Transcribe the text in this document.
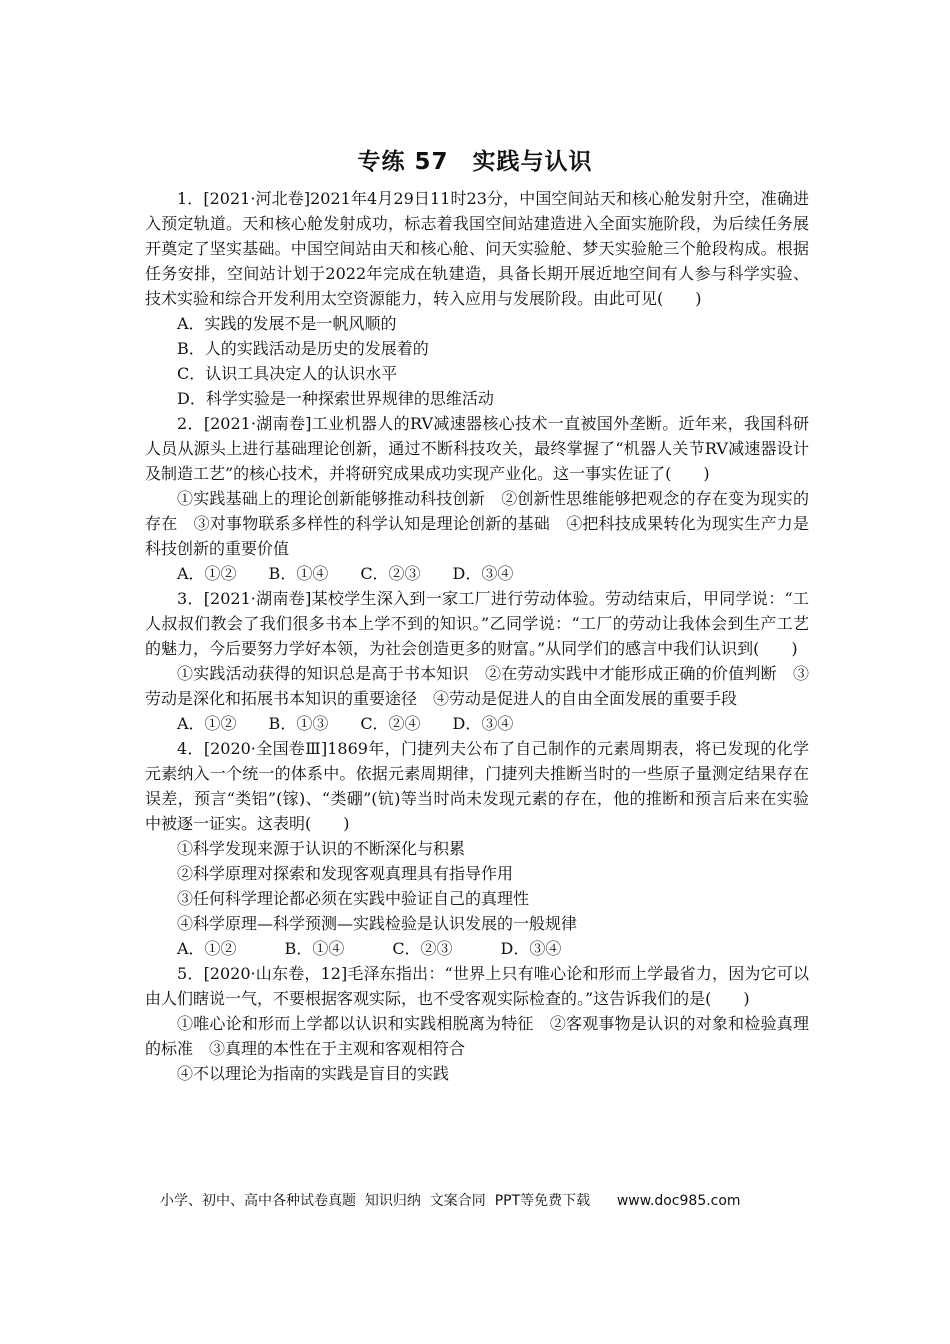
专练 57　实践与认识

1．[2021·河北卷]2021年4月29日11时23分，中国空间站天和核心舱发射升空，准确进入预定轨道。天和核心舱发射成功，标志着我国空间站建造进入全面实施阶段，为后续任务展开奠定了坚实基础。中国空间站由天和核心舱、问天实验舱、梦天实验舱三个舱段构成。根据任务安排，空间站计划于2022年完成在轨建造，具备长期开展近地空间有人参与科学实验、技术实验和综合开发利用太空资源能力，转入应用与发展阶段。由此可见(　　)

A．实践的发展不是一帆风顺的

B．人的实践活动是历史的发展着的

C．认识工具决定人的认识水平

D．科学实验是一种探索世界规律的思维活动

2．[2021·湖南卷]工业机器人的RV减速器核心技术一直被国外垄断。近年来，我国科研人员从源头上进行基础理论创新，通过不断科技攻关，最终掌握了“机器人关节RV减速器设计及制造工艺”的核心技术，并将研究成果成功实现产业化。这一事实佐证了(　　)

①实践基础上的理论创新能够推动科技创新　②创新性思维能够把观念的存在变为现实的存在　③对事物联系多样性的科学认知是理论创新的基础　④把科技成果转化为现实生产力是科技创新的重要价值

A．①②　　B．①④　　C．②③　　D．③④

3．[2021·湖南卷]某校学生深入到一家工厂进行劳动体验。劳动结束后，甲同学说：“工人叔叔们教会了我们很多书本上学不到的知识。”乙同学说：“工厂的劳动让我体会到生产工艺的魅力，今后要努力学好本领，为社会创造更多的财富。”从同学们的感言中我们认识到(　　)

①实践活动获得的知识总是高于书本知识　②在劳动实践中才能形成正确的价值判断　③劳动是深化和拓展书本知识的重要途径　④劳动是促进人的自由全面发展的重要手段

A．①②　　B．①③　　C．②④　　D．③④

4．[2020·全国卷Ⅲ]1869年，门捷列夫公布了自己制作的元素周期表，将已发现的化学元素纳入一个统一的体系中。依据元素周期律，门捷列夫推断当时的一些原子量测定结果存在误差，预言“类铝”(镓)、“类硼”(钪)等当时尚未发现元素的存在，他的推断和预言后来在实验中被逐一证实。这表明(　　)

①科学发现来源于认识的不断深化与积累

②科学原理对探索和发现客观真理具有指导作用

③任何科学理论都必须在实践中验证自己的真理性

④科学原理—科学预测—实践检验是认识发展的一般规律

A．①②　　　B．①④　　　C．②③　　　D．③④

5．[2020·山东卷，12]毛泽东指出：“世界上只有唯心论和形而上学最省力，因为它可以由人们瞎说一气，不要根据客观实际，也不受客观实际检查的。”这告诉我们的是(　　)

①唯心论和形而上学都以认识和实践相脱离为特征　②客观事物是认识的对象和检验真理的标准　③真理的本性在于主观和客观相符合

④不以理论为指南的实践是盲目的实践

小学、初中、高中各种试卷真题  知识归纳  文案合同  PPT等免费下载      www.doc985.com
